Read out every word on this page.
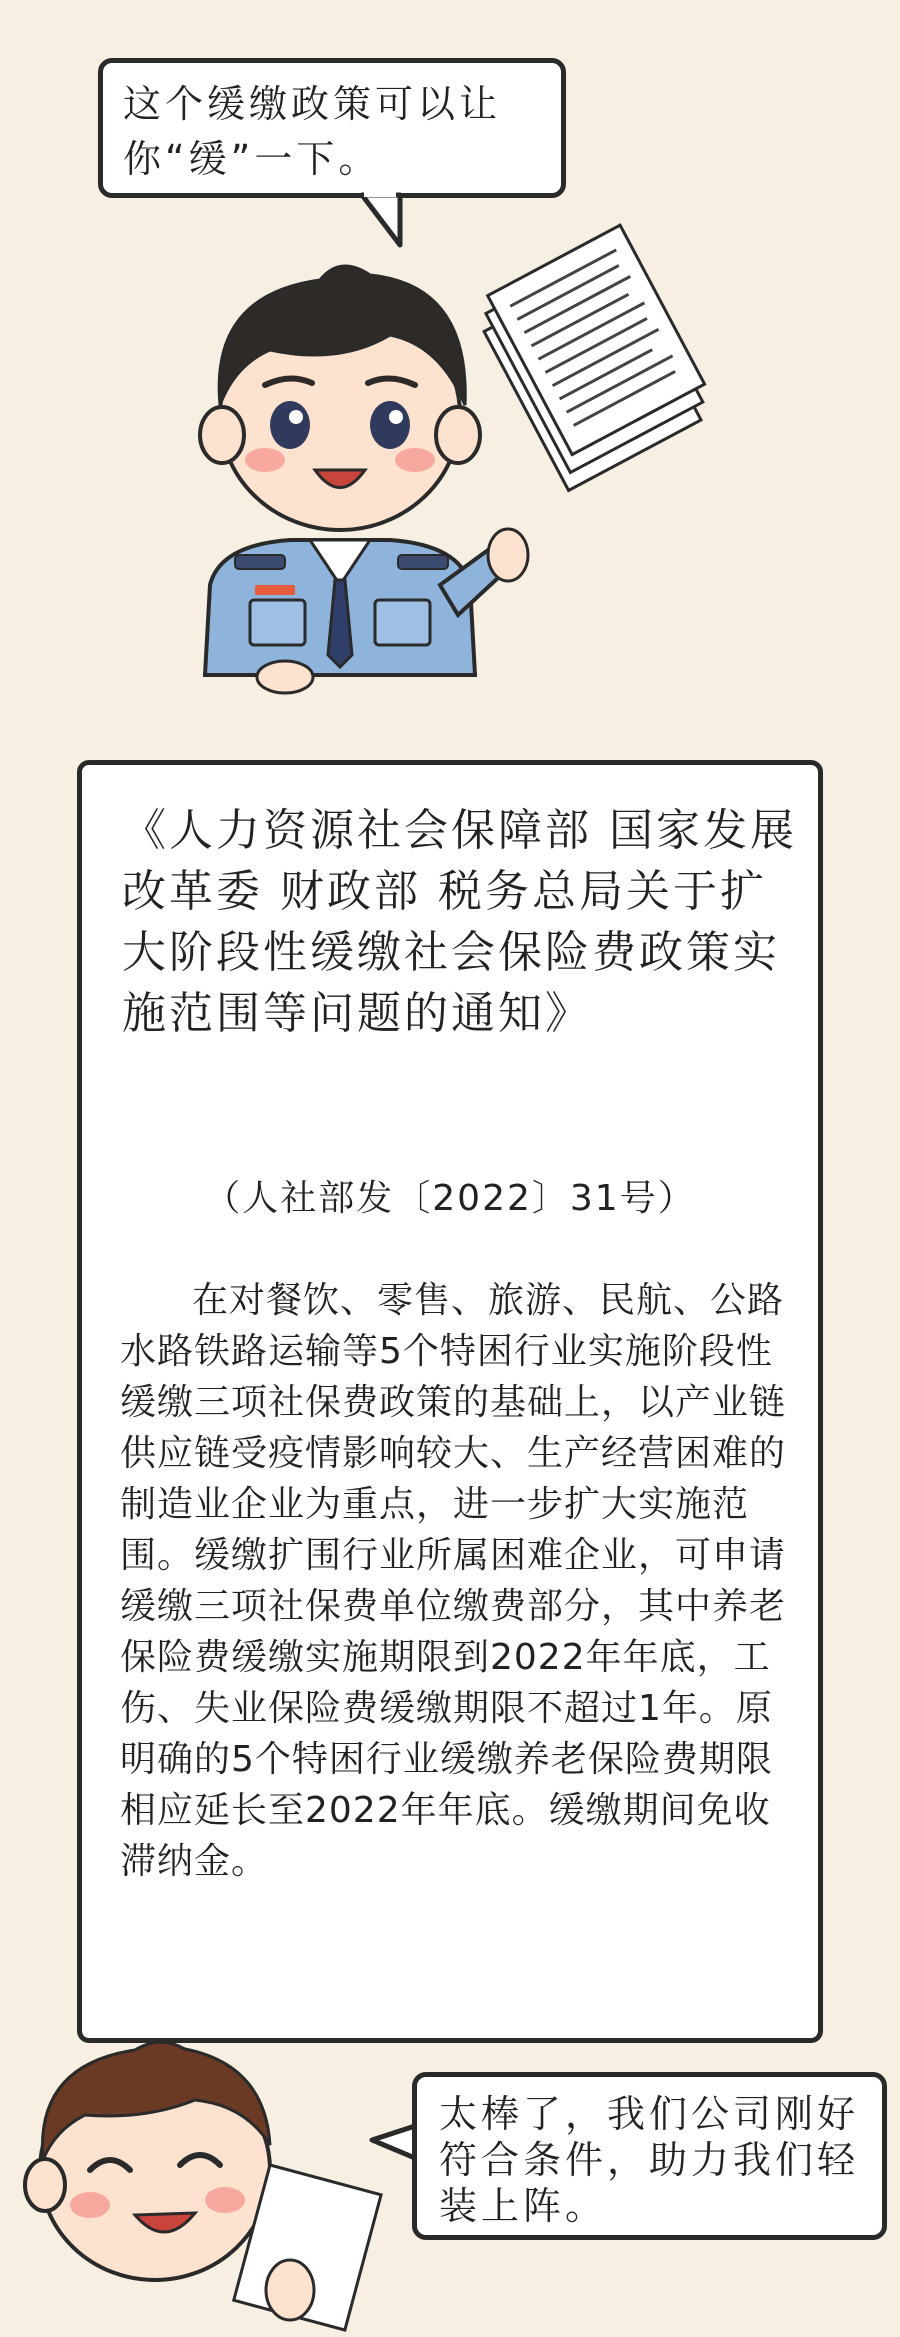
这个缓缴政策可以让你“缓”一下。
《人力资源社会保障部 国家发展改革委 财政部 税务总局关于扩大阶段性缓缴社会保险费政策实施范围等问题的通知》
（人社部发〔2022〕31号）
在对餐饮、零售、旅游、民航、公路水路铁路运输等5个特困行业实施阶段性缓缴三项社保费政策的基础上，以产业链供应链受疫情影响较大、生产经营困难的制造业企业为重点，进一步扩大实施范围。缓缴扩围行业所属困难企业，可申请缓缴三项社保费单位缴费部分，其中养老保险费缓缴实施期限到2022年年底，工伤、失业保险费缓缴期限不超过1年。原明确的5个特困行业缓缴养老保险费期限相应延长至2022年年底。缓缴期间免收滞纳金。
太棒了，我们公司刚好符合条件，助力我们轻装上阵。
